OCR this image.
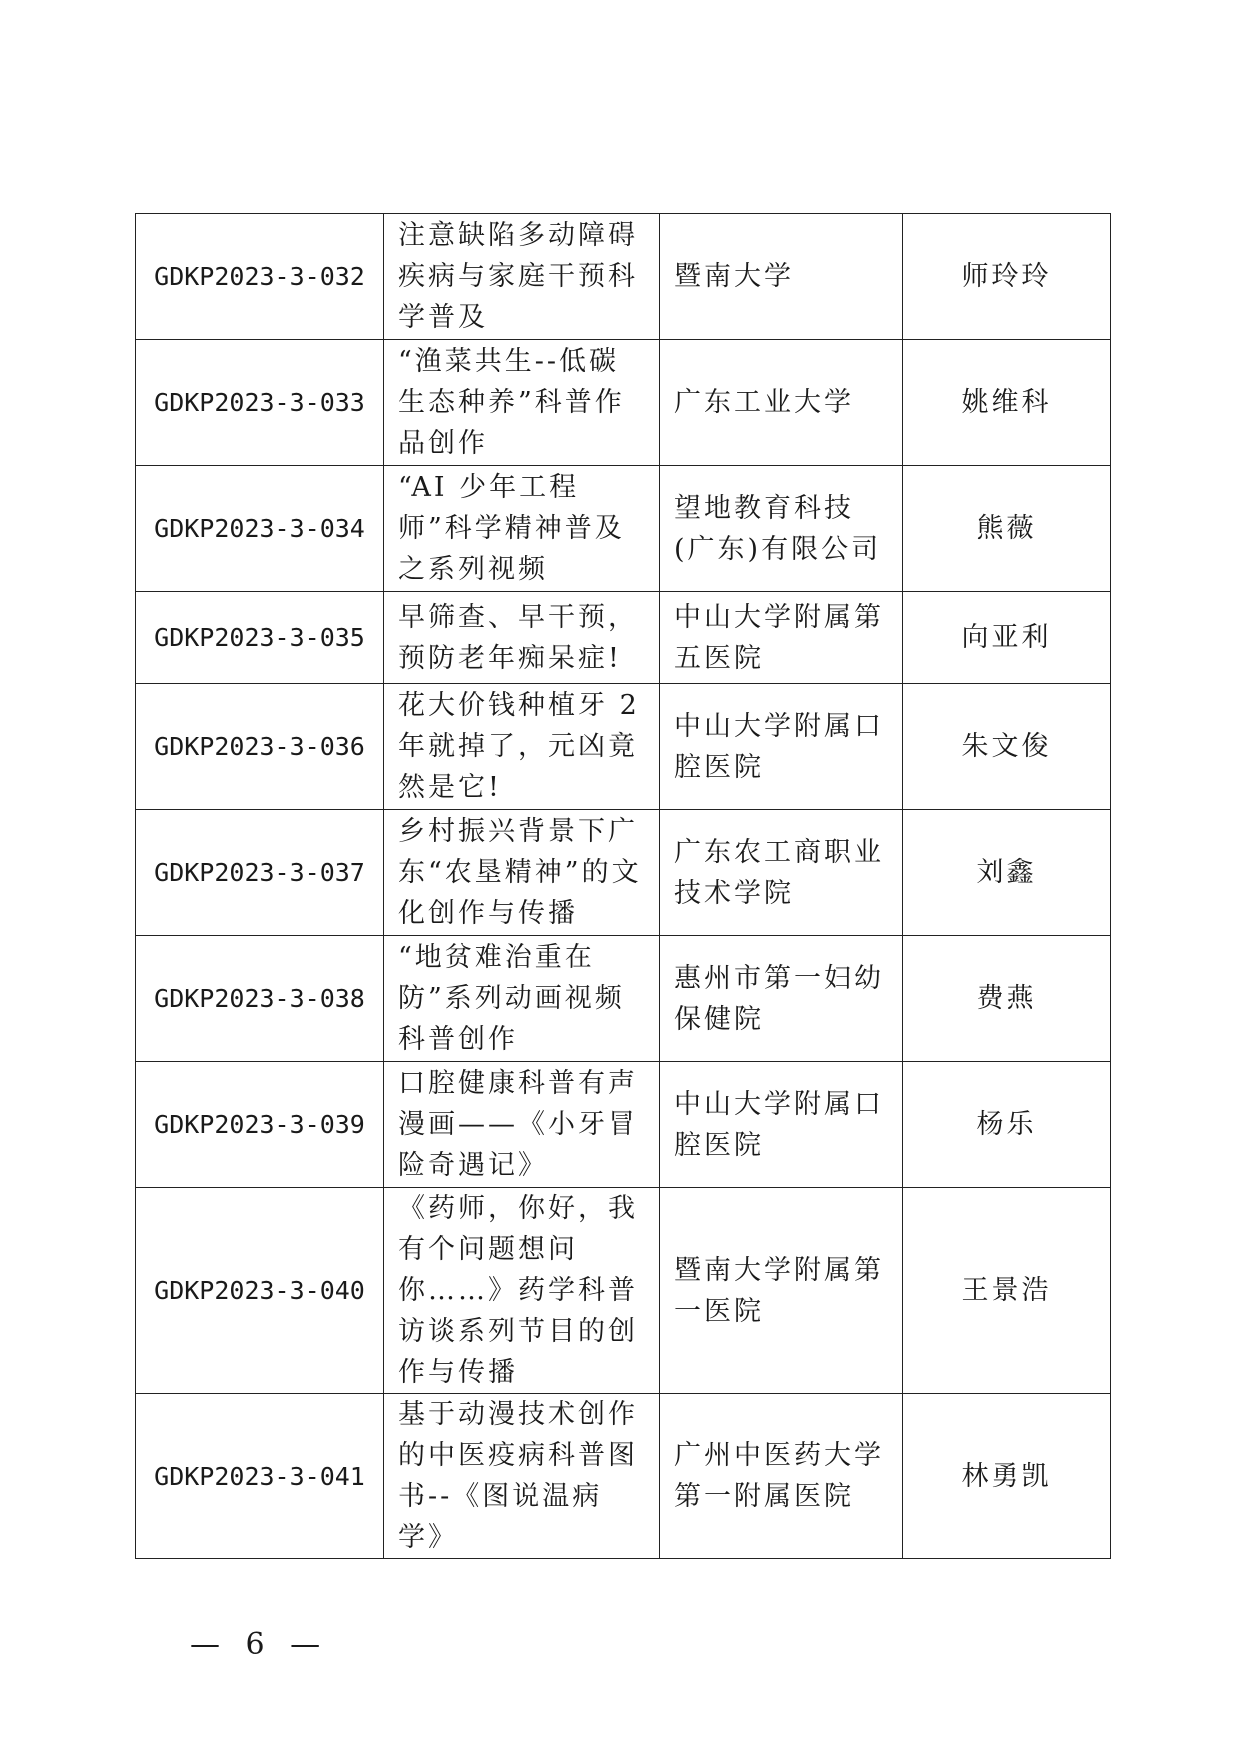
GDKP2023-3-032	注意缺陷多动障碍疾病与家庭干预科学普及	暨南大学	师玲玲
GDKP2023-3-033	“渔菜共生--低碳生态种养”科普作品创作	广东工业大学	姚维科
GDKP2023-3-034	“AI 少年工程师”科学精神普及之系列视频	望地教育科技(广东)有限公司	熊薇
GDKP2023-3-035	早筛查、早干预，预防老年痴呆症!	中山大学附属第五医院	向亚利
GDKP2023-3-036	花大价钱种植牙 2 年就掉了，元凶竟然是它!	中山大学附属口腔医院	朱文俊
GDKP2023-3-037	乡村振兴背景下广东“农垦精神”的文化创作与传播	广东农工商职业技术学院	刘鑫
GDKP2023-3-038	“地贫难治重在防”系列动画视频科普创作	惠州市第一妇幼保健院	费燕
GDKP2023-3-039	口腔健康科普有声漫画——《小牙冒险奇遇记》	中山大学附属口腔医院	杨乐
GDKP2023-3-040	《药师，你好，我有个问题想问你……》药学科普访谈系列节目的创作与传播	暨南大学附属第一医院	王景浩
GDKP2023-3-041	基于动漫技术创作的中医疫病科普图书--《图说温病学》	广州中医药大学第一附属医院	林勇凯
— 6 —
